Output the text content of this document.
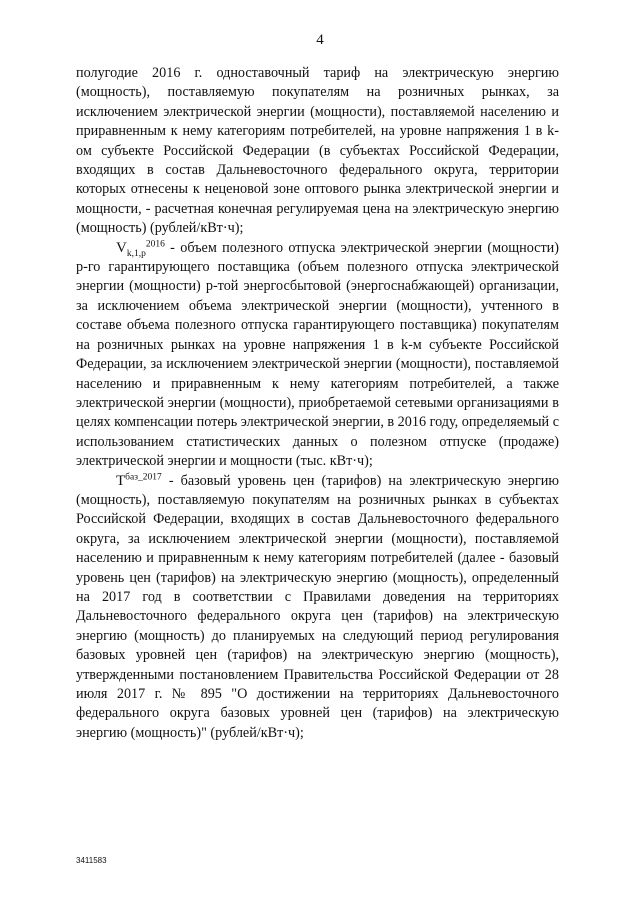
4

полугодие 2016 г. одноставочный тариф на электрическую энергию (мощность), поставляемую покупателям на розничных рынках, за исключением электрической энергии (мощности), поставляемой населению и приравненным к нему категориям потребителей, на уровне напряжения 1 в k-ом субъекте Российской Федерации (в субъектах Российской Федерации, входящих в состав Дальневосточного федерального округа, территории которых отнесены к неценовой зоне оптового рынка электрической энергии и мощности, - расчетная конечная регулируемая цена на электрическую энергию (мощность) (рублей/кВт·ч);

$V_{k,1,p}^{2016}$ - объем полезного отпуска электрической энергии (мощности) p-го гарантирующего поставщика (объем полезного отпуска электрической энергии (мощности) p-той энергосбытовой (энергоснабжающей) организации, за исключением объема электрической энергии (мощности), учтенного в составе объема полезного отпуска гарантирующего поставщика) покупателям на розничных рынках на уровне напряжения 1 в k-м субъекте Российской Федерации, за исключением электрической энергии (мощности), поставляемой населению и приравненным к нему категориям потребителей, а также электрической энергии (мощности), приобретаемой сетевыми организациями в целях компенсации потерь электрической энергии, в 2016 году, определяемый с использованием статистических данных о полезном отпуске (продаже) электрической энергии и мощности (тыс. кВт·ч);

$T^{баз\_2017}$ - базовый уровень цен (тарифов) на электрическую энергию (мощность), поставляемую покупателям на розничных рынках в субъектах Российской Федерации, входящих в состав Дальневосточного федерального округа, за исключением электрической энергии (мощности), поставляемой населению и приравненным к нему категориям потребителей (далее - базовый уровень цен (тарифов) на электрическую энергию (мощность), определенный на 2017 год в соответствии с Правилами доведения на территориях Дальневосточного федерального округа цен (тарифов) на электрическую энергию (мощность) до планируемых на следующий период регулирования базовых уровней цен (тарифов) на электрическую энергию (мощность), утвержденными постановлением Правительства Российской Федерации от 28 июля 2017 г. № 895 "О достижении на территориях Дальневосточного федерального округа базовых уровней цен (тарифов) на электрическую энергию (мощность)" (рублей/кВт·ч);

3411583
